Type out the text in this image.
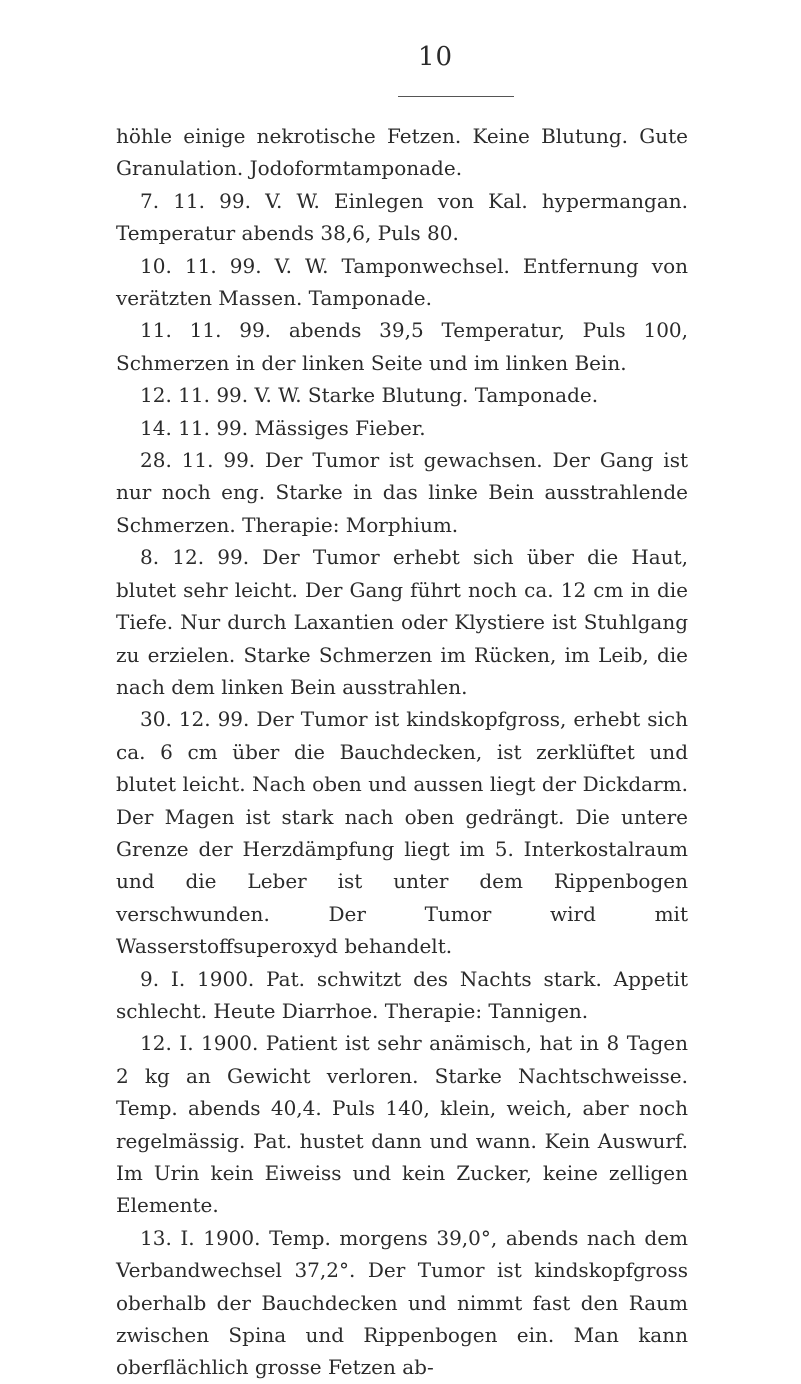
10

höhle einige nekrotische Fetzen. Keine Blutung. Gute Granulation. Jodoformtamponade.

7. 11. 99. V. W. Einlegen von Kal. hypermangan. Temperatur abends 38,6, Puls 80.

10. 11. 99. V. W. Tamponwechsel. Entfernung von verätzten Massen. Tamponade.

11. 11. 99. abends 39,5 Temperatur, Puls 100, Schmerzen in der linken Seite und im linken Bein.

12. 11. 99. V. W. Starke Blutung. Tamponade.

14. 11. 99. Mässiges Fieber.

28. 11. 99. Der Tumor ist gewachsen. Der Gang ist nur noch eng. Starke in das linke Bein ausstrahlende Schmerzen. Therapie: Morphium.

8. 12. 99. Der Tumor erhebt sich über die Haut, blutet sehr leicht. Der Gang führt noch ca. 12 cm in die Tiefe. Nur durch Laxantien oder Klystiere ist Stuhlgang zu erzielen. Starke Schmerzen im Rücken, im Leib, die nach dem linken Bein ausstrahlen.

30. 12. 99. Der Tumor ist kindskopfgross, erhebt sich ca. 6 cm über die Bauchdecken, ist zerklüftet und blutet leicht. Nach oben und aussen liegt der Dickdarm. Der Magen ist stark nach oben gedrängt. Die untere Grenze der Herzdämpfung liegt im 5. Interkostalraum und die Leber ist unter dem Rippenbogen verschwunden. Der Tumor wird mit Wasserstoffsuperoxyd behandelt.

9. I. 1900. Pat. schwitzt des Nachts stark. Appetit schlecht. Heute Diarrhoe. Therapie: Tannigen.

12. I. 1900. Patient ist sehr anämisch, hat in 8 Tagen 2 kg an Gewicht verloren. Starke Nachtschweisse. Temp. abends 40,4. Puls 140, klein, weich, aber noch regelmässig. Pat. hustet dann und wann. Kein Auswurf. Im Urin kein Eiweiss und kein Zucker, keine zelligen Elemente.

13. I. 1900. Temp. morgens 39,0°, abends nach dem Verbandwechsel 37,2°. Der Tumor ist kindskopfgross oberhalb der Bauchdecken und nimmt fast den Raum zwischen Spina und Rippenbogen ein. Man kann oberflächlich grosse Fetzen ab-
